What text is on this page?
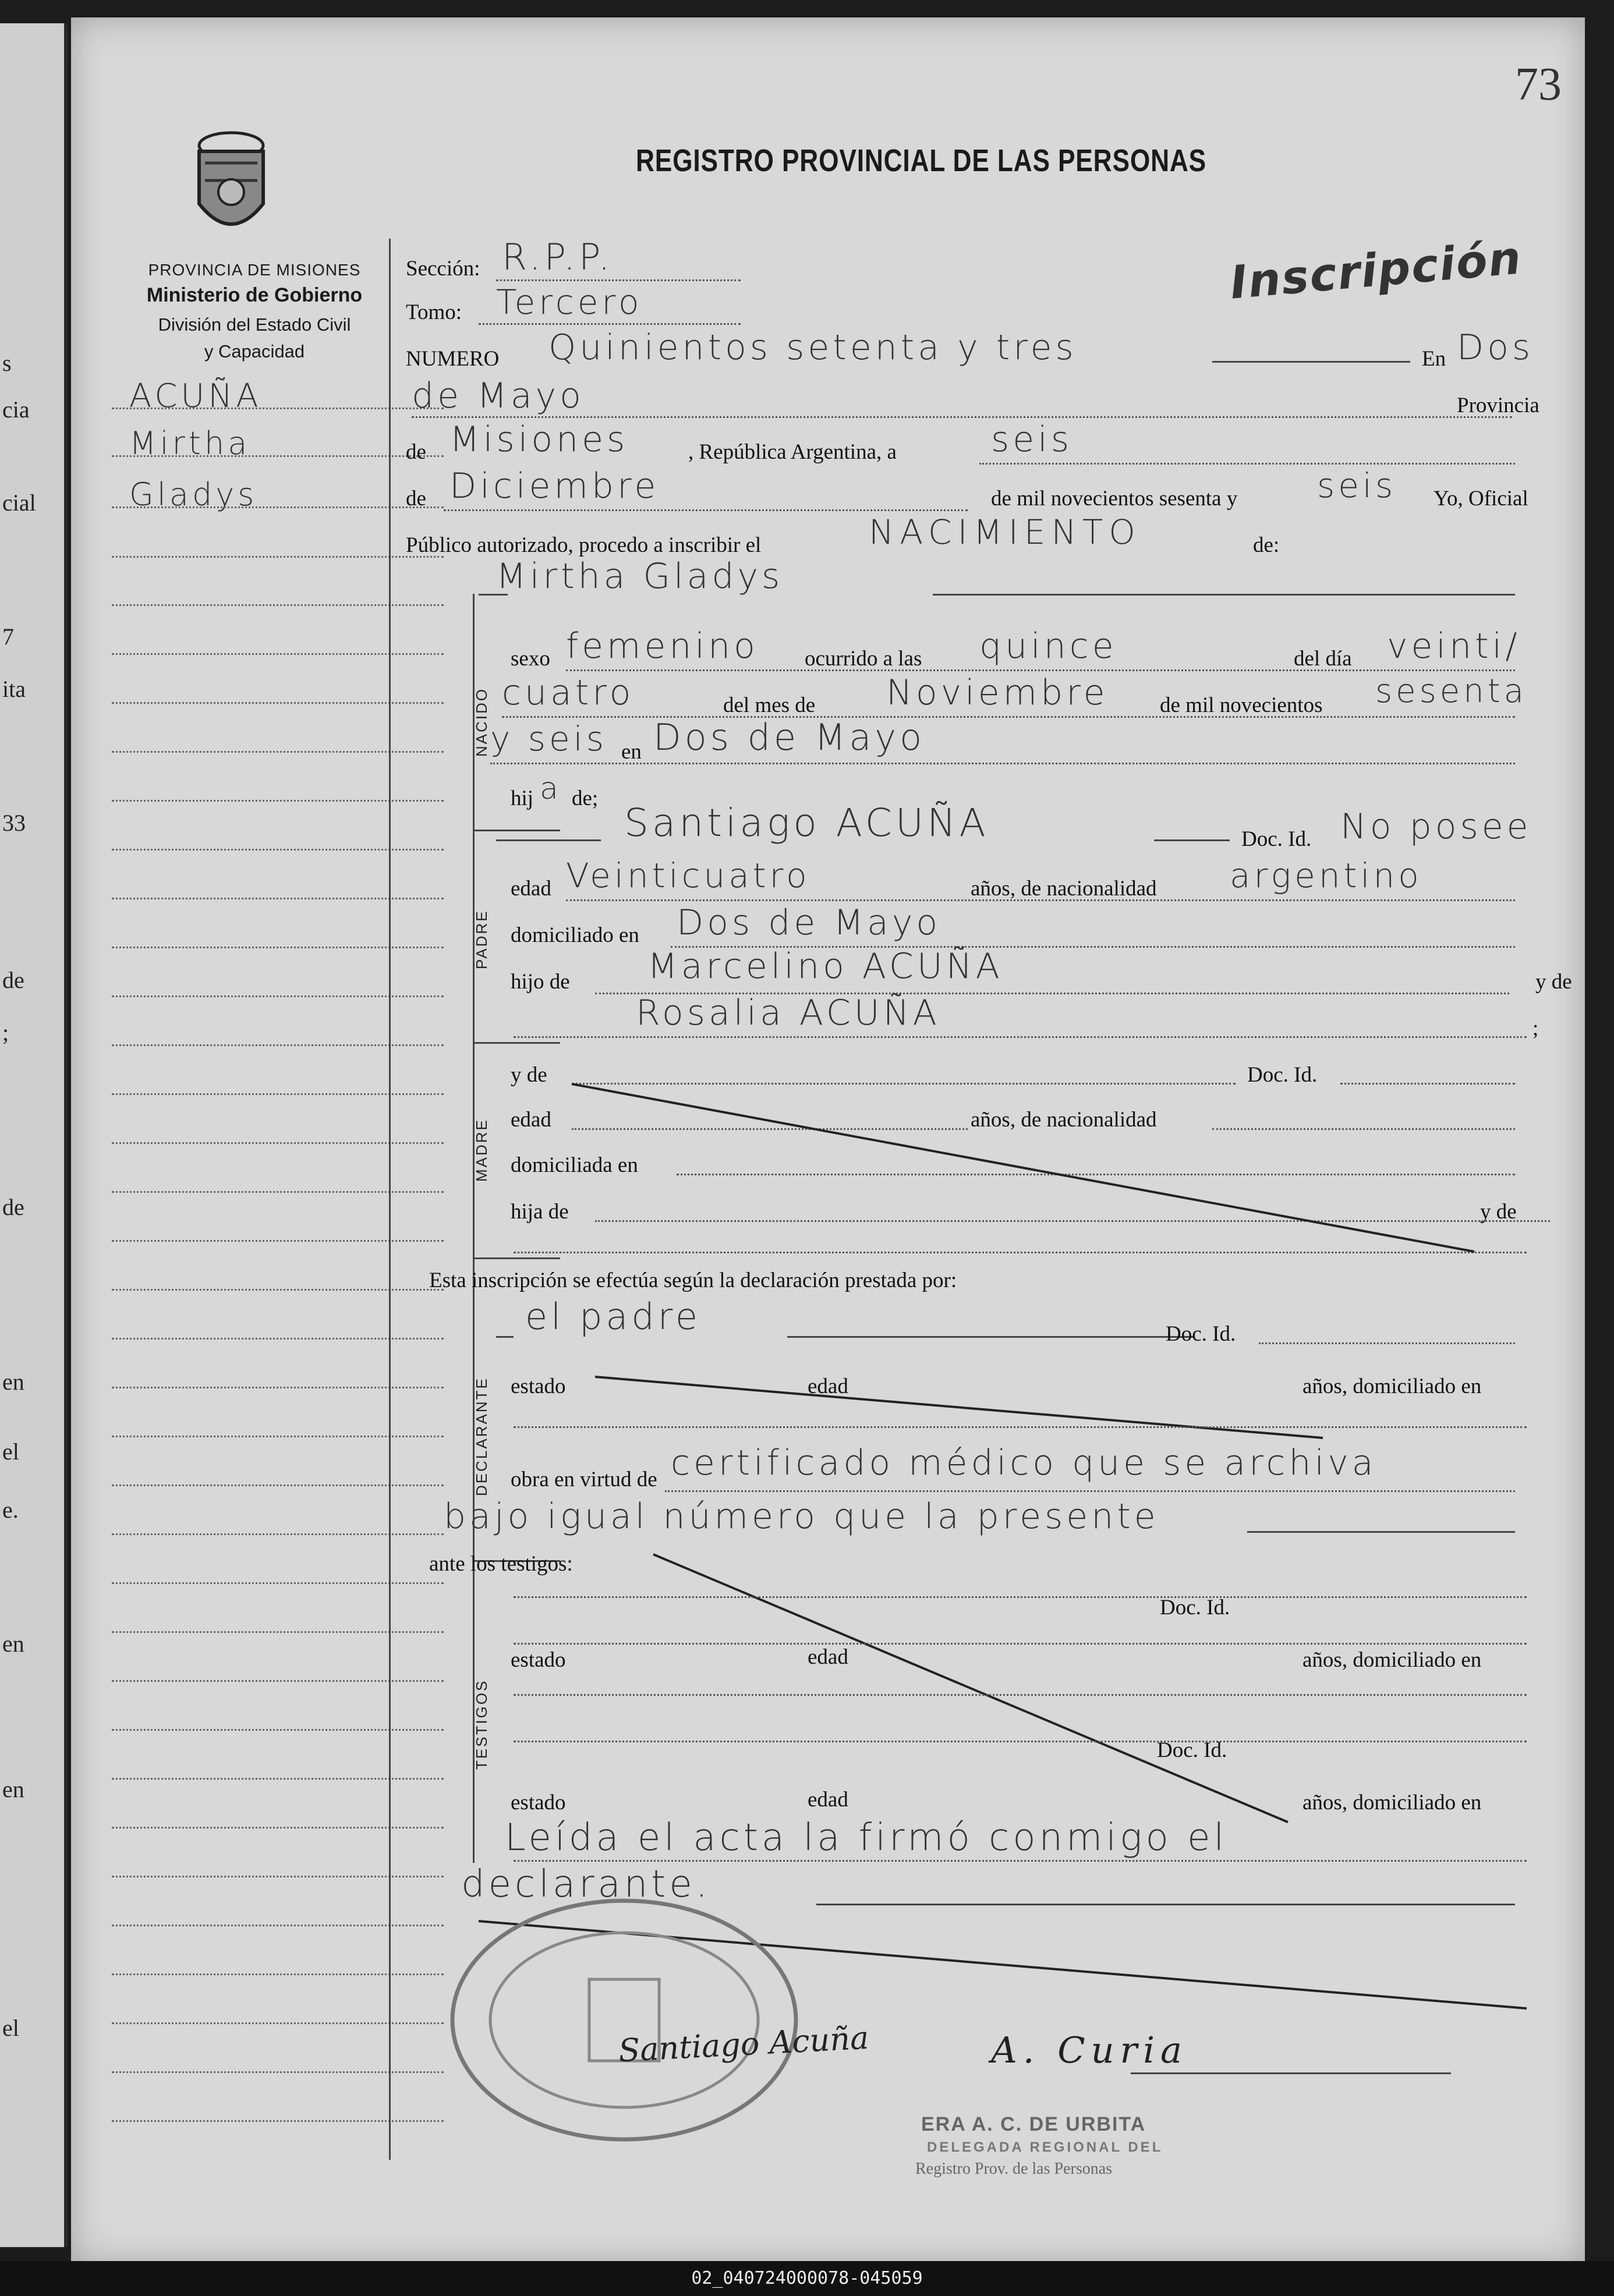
s
cia
cial
7
ita
33
de
;
de
en
el
e.
en
en
el
73
PROVINCIA DE MISIONES
Ministerio de Gobierno
División del Estado Civil
y Capacidad
REGISTRO PROVINCIAL DE LAS PERSONAS
Inscripción
ACUÑA
Mirtha
Gladys
NACIDO
PADRE
MADRE
DECLARANTE
TESTIGOS
Sección: R.P.P.
Tomo: Tercero
NUMERO Quinientos setenta y tres	En Dos
de Mayo	Provincia
de Misiones	, República Argentina, a	seis
de Diciembre	de mil novecientos sesenta y seis Yo, Oficial
Público autorizado, procedo a inscribir el	NACIMIENTO	de:
Mirtha Gladys
sexo femenino ocurrido a las quince	del día veinti/
cuatro	del mes de Noviembre de mil novecientos sesenta
y seis en Dos de Mayo
hij a de;
Santiago ACUÑA	Doc. Id. No posee
edad Veinticuatro	años, de nacionalidad argentino
domiciliado en Dos de Mayo
hijo de Marcelino ACUÑA	y de
Rosalia ACUÑA	;
y de	Doc. Id.
edad	años, de nacionalidad
domiciliada en
hija de	y de
Esta inscripción se efectúa según la declaración prestada por:
el padre	Doc. Id.
estado	edad	años, domiciliado en
obra en virtud de certificado médico que se archiva
bajo igual número que la presente
ante los testigos:
Doc. Id.
estado	edad	años, domiciliado en
Doc. Id.
estado	edad	años, domiciliado en
Leída el acta la firmó conmigo el
declarante.
Santiago Acuña	A. Curia
ERA A. C. DE URBITA
DELEGADA REGIONAL DEL
Registro Prov. de las Personas
02_040724000078-045059
